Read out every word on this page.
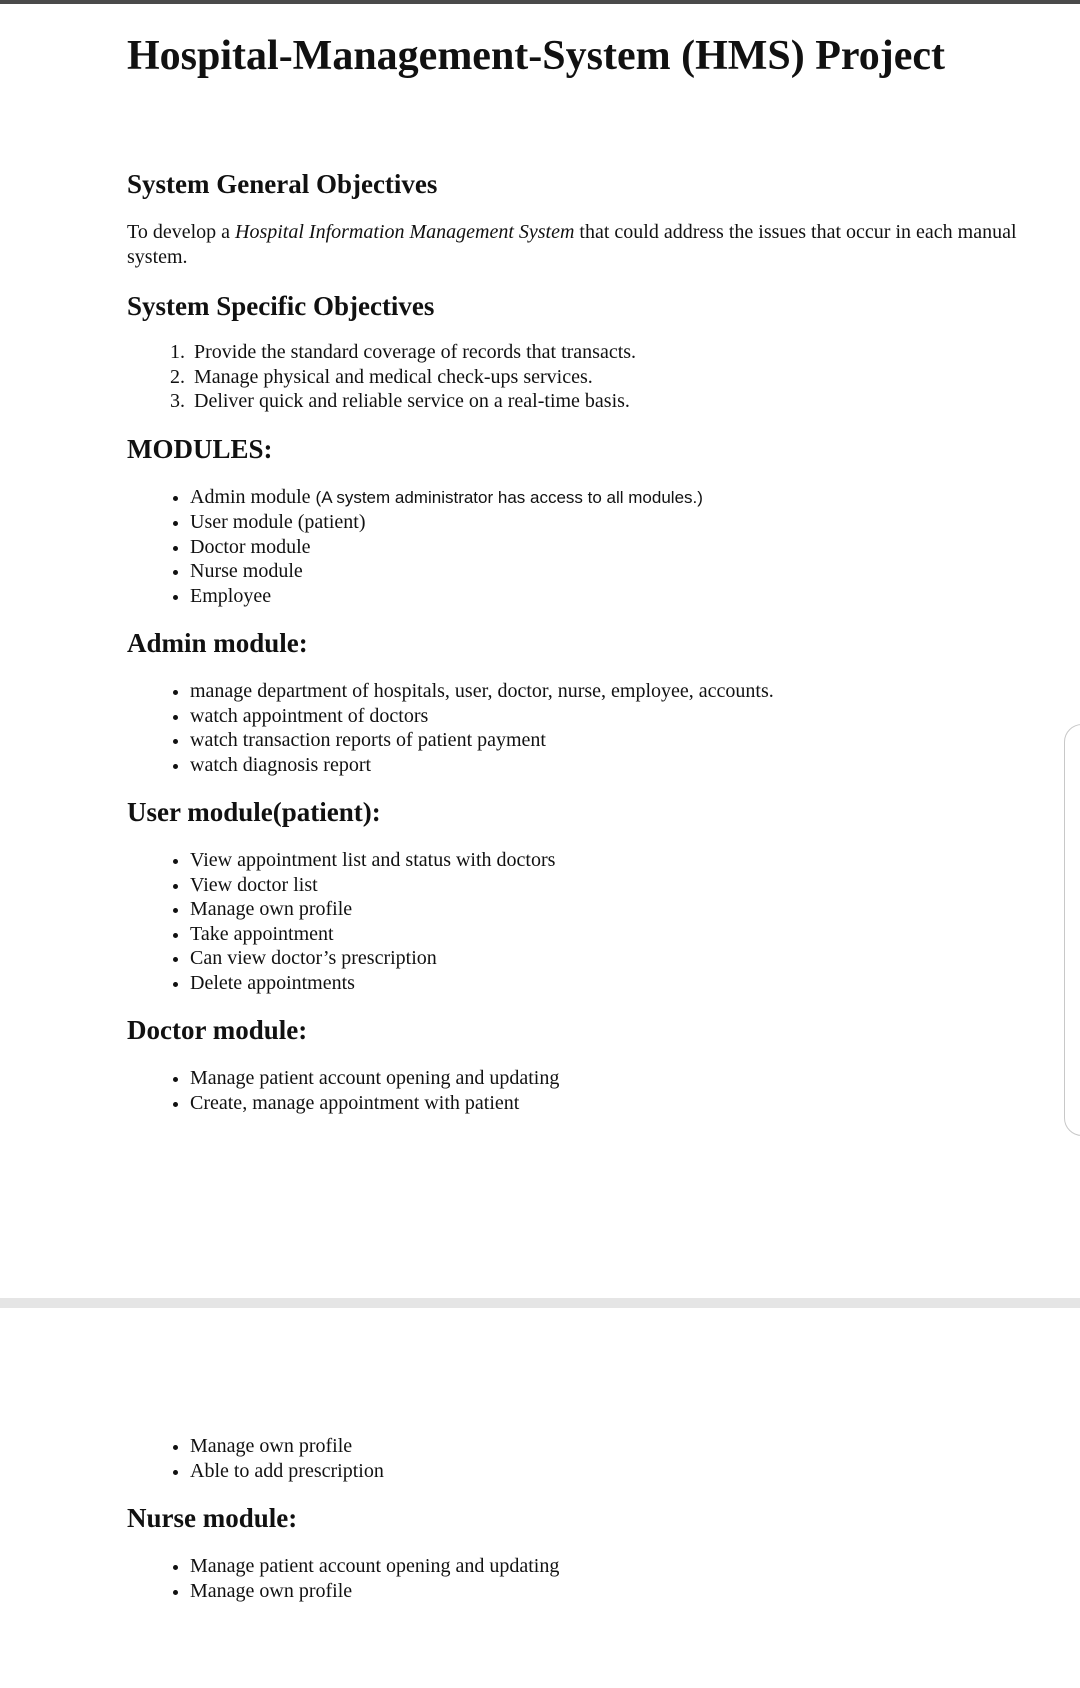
Hospital-Management-System (HMS) Project
System General Objectives

To develop a Hospital Information Management System that could address the issues that occur in each manual system.

System Specific Objectives
1. Provide the standard coverage of records that transacts.
2. Manage physical and medical check-ups services.
3. Deliver quick and reliable service on a real-time basis.
MODULES:
• Admin module (A system administrator has access to all modules.)
• User module (patient)
• Doctor module
• Nurse module
• Employee
Admin module:
• manage department of hospitals, user, doctor, nurse, employee, accounts.
• watch appointment of doctors
• watch transaction reports of patient payment
• watch diagnosis report
User module(patient):
• View appointment list and status with doctors
• View doctor list
• Manage own profile
• Take appointment
• Can view doctor’s prescription
• Delete appointments
Doctor module:
• Manage patient account opening and updating
• Create, manage appointment with patient
• Manage own profile
• Able to add prescription
Nurse module:
• Manage patient account opening and updating
• Manage own profile
